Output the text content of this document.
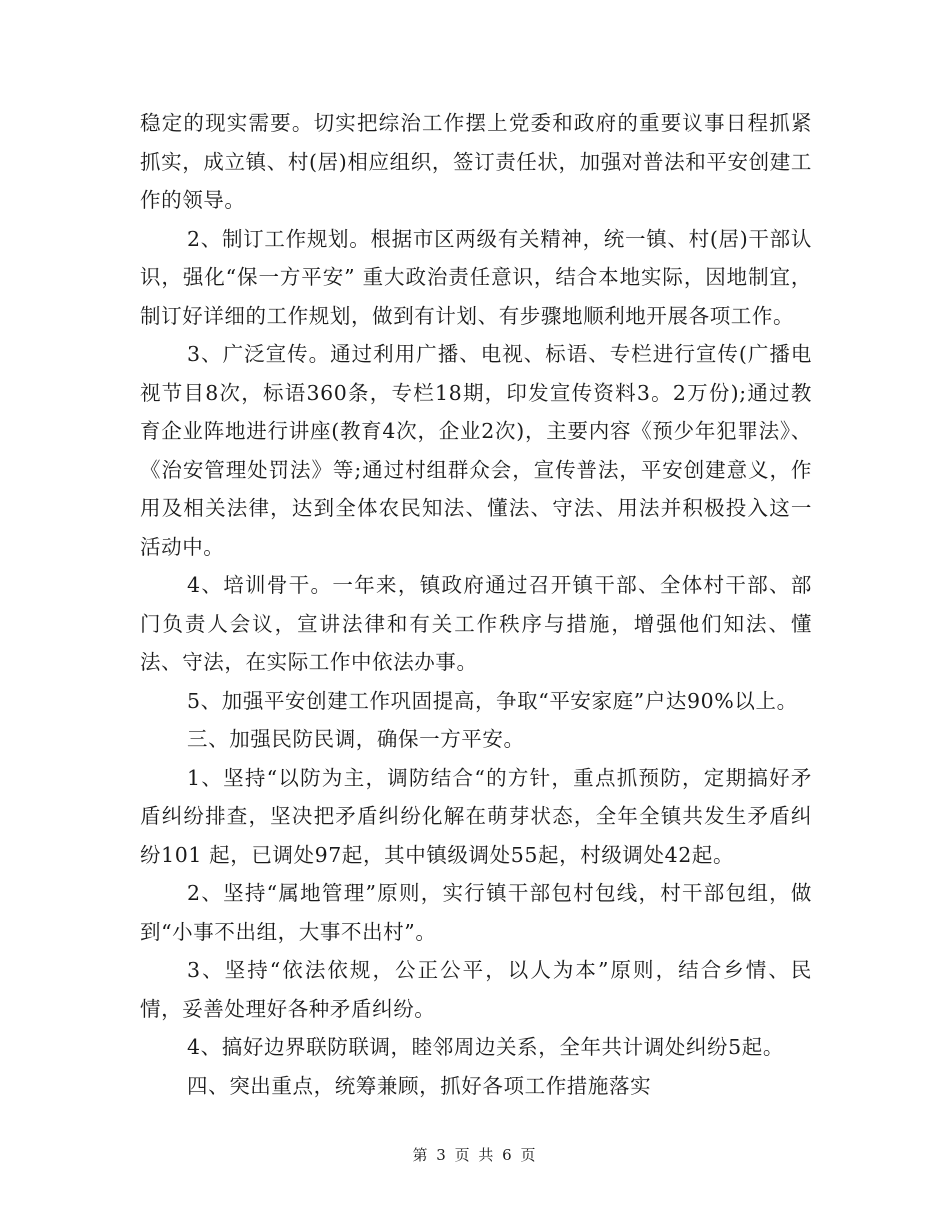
稳定的现实需要。切实把综治工作摆上党委和政府的重要议事日程抓紧抓实，成立镇、村(居)相应组织，签订责任状，加强对普法和平安创建工作的领导。

2、制订工作规划。根据市区两级有关精神，统一镇、村(居)干部认识，强化“保一方平安” 重大政治责任意识，结合本地实际，因地制宜，制订好详细的工作规划，做到有计划、有步骤地顺利地开展各项工作。

3、广泛宣传。通过利用广播、电视、标语、专栏进行宣传(广播电视节目8次，标语360条，专栏18期，印发宣传资料3。2万份);通过教育企业阵地进行讲座(教育4次，企业2次)，主要内容《预少年犯罪法》、《治安管理处罚法》等;通过村组群众会，宣传普法，平安创建意义，作用及相关法律，达到全体农民知法、懂法、守法、用法并积极投入这一活动中。

4、培训骨干。一年来，镇政府通过召开镇干部、全体村干部、部门负责人会议，宣讲法律和有关工作秩序与措施，增强他们知法、懂法、守法，在实际工作中依法办事。

5、加强平安创建工作巩固提高，争取“平安家庭”户达90%以上。

三、加强民防民调，确保一方平安。

1、坚持“以防为主，调防结合“的方针，重点抓预防，定期搞好矛盾纠纷排查，坚决把矛盾纠纷化解在萌芽状态，全年全镇共发生矛盾纠纷101 起，已调处97起，其中镇级调处55起，村级调处42起。

2、坚持“属地管理”原则，实行镇干部包村包线，村干部包组，做到“小事不出组，大事不出村”。

3、坚持“依法依规，公正公平，以人为本”原则，结合乡情、民情，妥善处理好各种矛盾纠纷。

4、搞好边界联防联调，睦邻周边关系，全年共计调处纠纷5起。

四、突出重点，统筹兼顾，抓好各项工作措施落实

第 3 页 共 6 页
